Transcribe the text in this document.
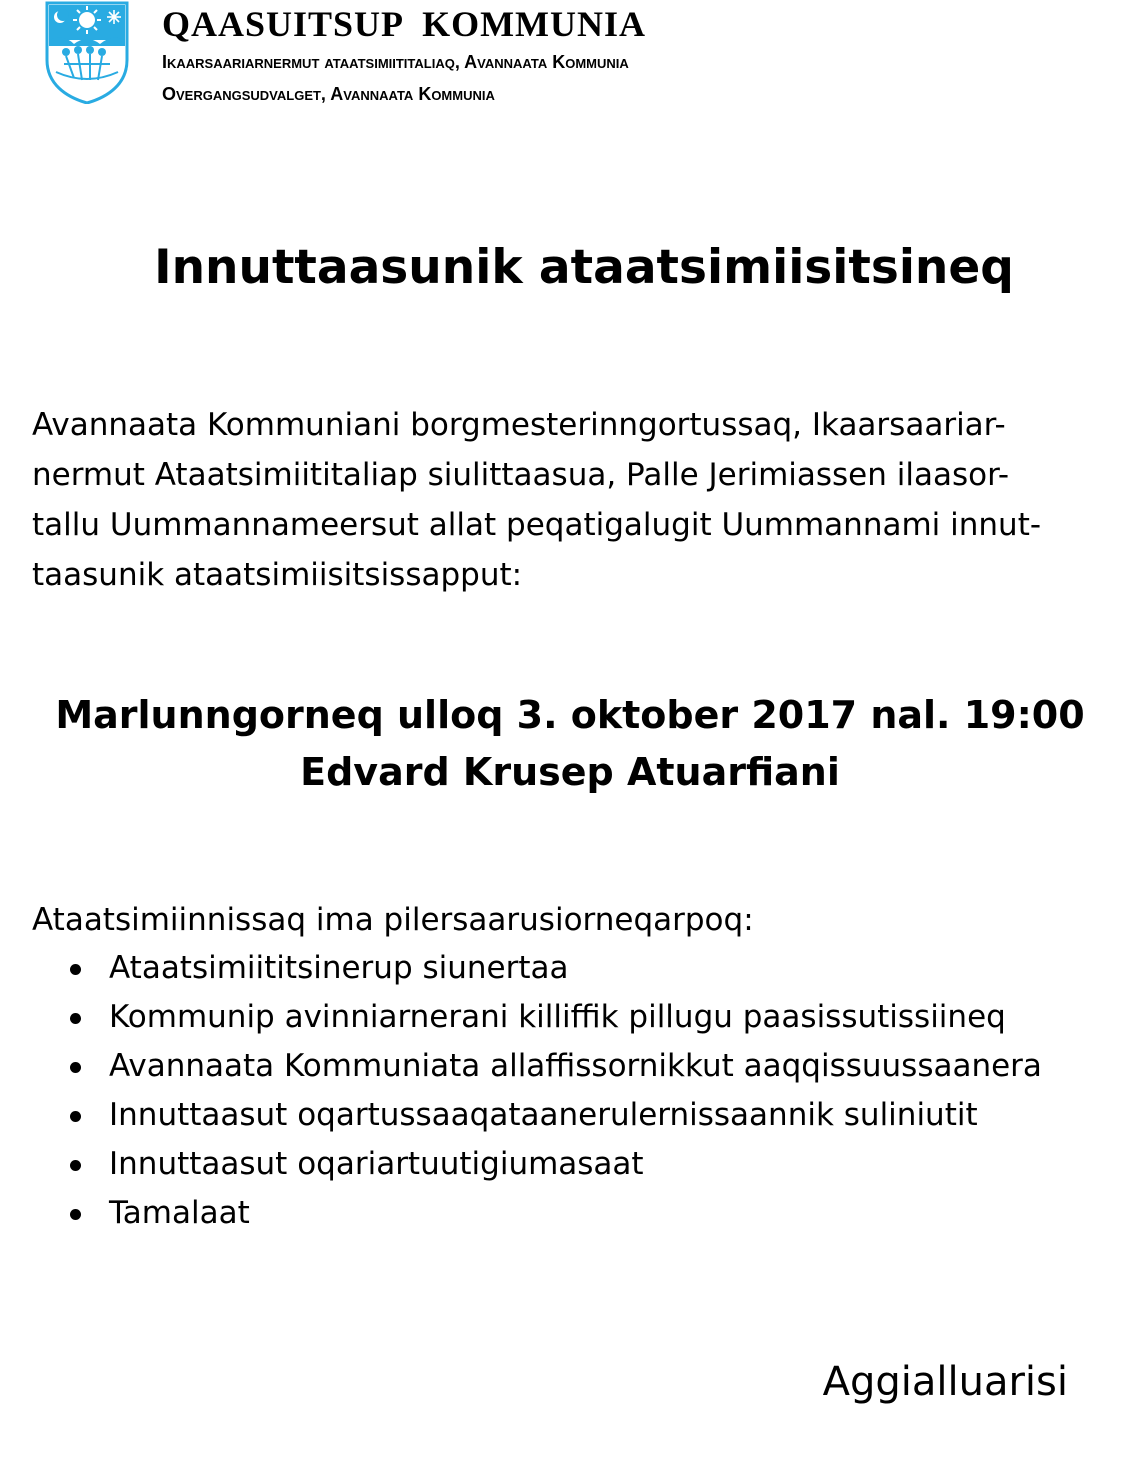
QAASUITSUP  KOMMUNIA

Ikaarsaariarnermut ataatsimiititaliaq, Avannaata Kommunia

Overgangsudvalget, Avannaata Kommunia

Innuttaasunik ataatsimiisitsineq

Avannaata Kommuniani borgmesterinngortussaq, Ikaarsaariar-
nermut Ataatsimiititaliap siulittaasua, Palle Jerimiassen ilaasor-
tallu Uummannameersut allat peqatigalugit Uummannami innut-
taasunik ataatsimiisitsissapput:

Marlunngorneq ulloq 3. oktober 2017 nal. 19:00

Edvard Krusep Atuarfiani

Ataatsimiinnissaq ima pilersaarusiorneqarpoq:

Ataatsimiititsinerup siunertaa
Kommunip avinniarnerani killiffik pillugu paasissutissiineq
Avannaata Kommuniata allaffissornikkut aaqqissuussaanera
Innuttaasut oqartussaaqataanerulernissaannik suliniutit
Innuttaasut oqariartuutigiumasaat
Tamalaat

Aggialluarisi
